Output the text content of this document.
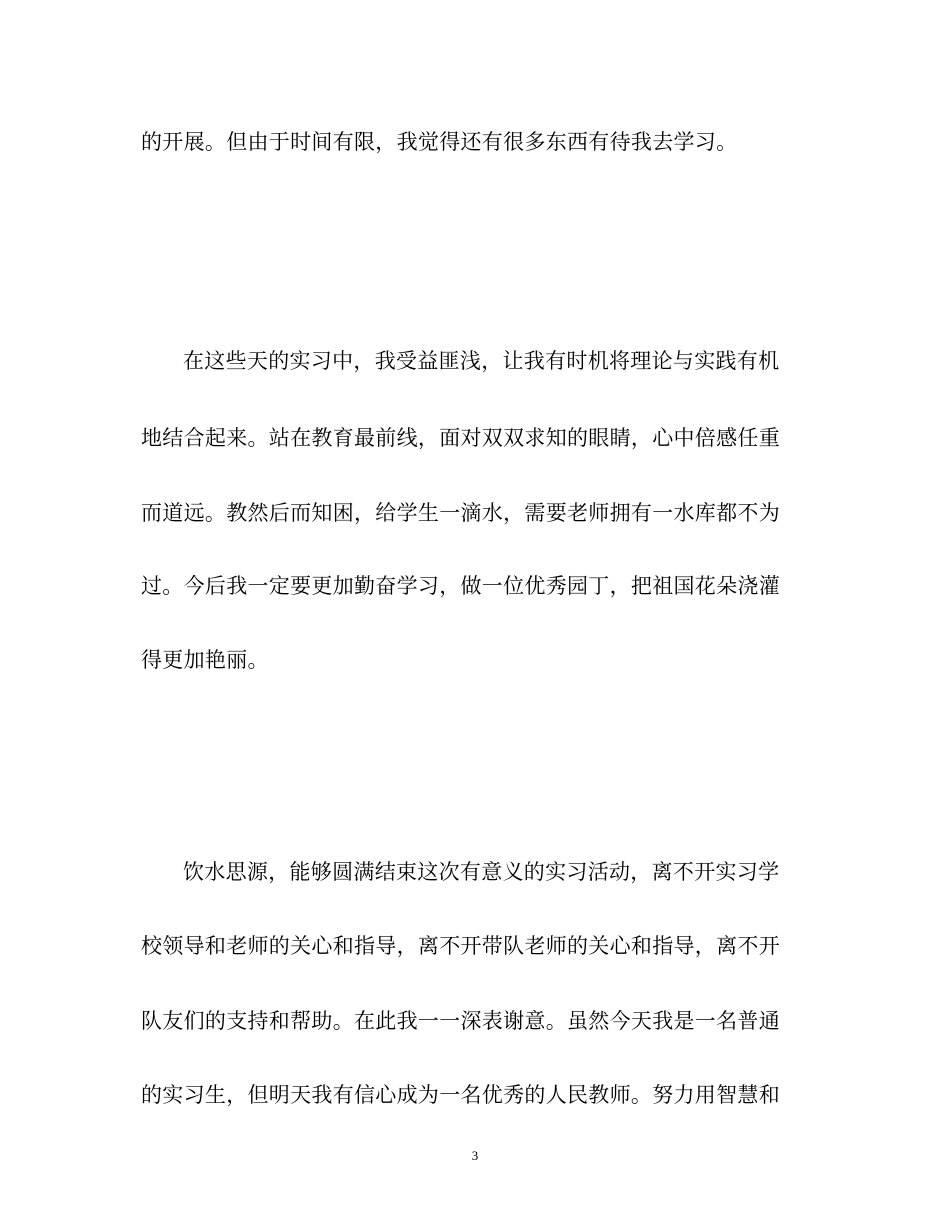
的开展。但由于时间有限，我觉得还有很多东西有待我去学习。
在这些天的实习中，我受益匪浅，让我有时机将理论与实践有机
地结合起来。站在教育最前线，面对双双求知的眼睛，心中倍感任重
而道远。教然后而知困，给学生一滴水，需要老师拥有一水库都不为
过。今后我一定要更加勤奋学习，做一位优秀园丁，把祖国花朵浇灌
得更加艳丽。
饮水思源，能够圆满结束这次有意义的实习活动，离不开实习学
校领导和老师的关心和指导，离不开带队老师的关心和指导，离不开
队友们的支持和帮助。在此我一一深表谢意。虽然今天我是一名普通
的实习生，但明天我有信心成为一名优秀的人民教师。努力用智慧和
3
